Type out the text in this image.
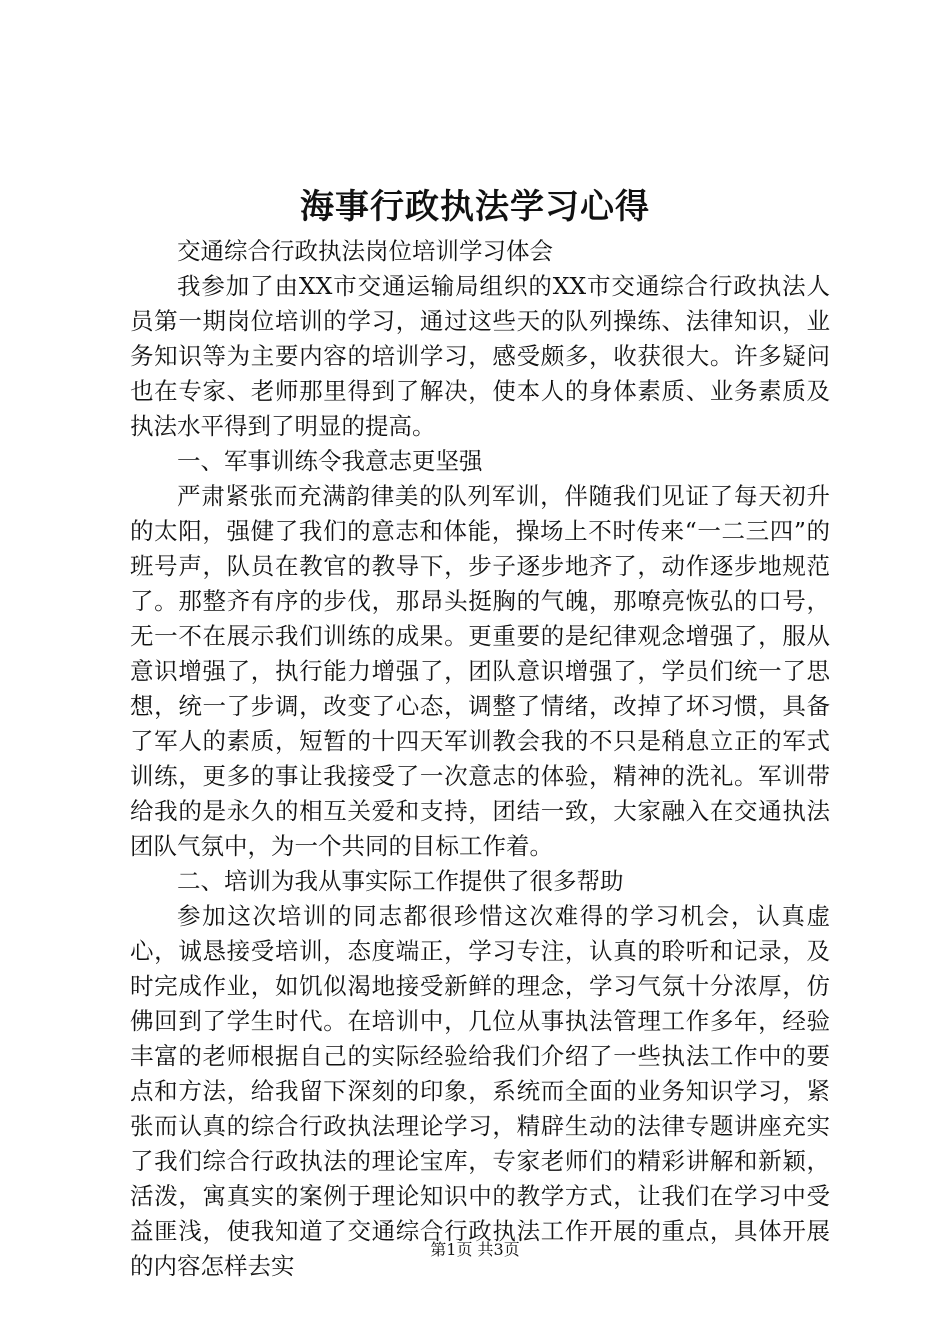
海事行政执法学习心得

交通综合行政执法岗位培训学习体会

我参加了由XX市交通运输局组织的XX市交通综合行政执法人员第一期岗位培训的学习，通过这些天的队列操练、法律知识，业务知识等为主要内容的培训学习，感受颇多，收获很大。许多疑问也在专家、老师那里得到了解决，使本人的身体素质、业务素质及执法水平得到了明显的提高。

一、军事训练令我意志更坚强

严肃紧张而充满韵律美的队列军训，伴随我们见证了每天初升的太阳，强健了我们的意志和体能，操场上不时传来“一二三四”的班号声，队员在教官的教导下，步子逐步地齐了，动作逐步地规范了。那整齐有序的步伐，那昂头挺胸的气魄，那嘹亮恢弘的口号，无一不在展示我们训练的成果。更重要的是纪律观念增强了，服从意识增强了，执行能力增强了，团队意识增强了，学员们统一了思想，统一了步调，改变了心态，调整了情绪，改掉了坏习惯，具备了军人的素质，短暂的十四天军训教会我的不只是稍息立正的军式训练，更多的事让我接受了一次意志的体验，精神的洗礼。军训带给我的是永久的相互关爱和支持，团结一致，大家融入在交通执法团队气氛中，为一个共同的目标工作着。

二、培训为我从事实际工作提供了很多帮助

参加这次培训的同志都很珍惜这次难得的学习机会，认真虚心，诚恳接受培训，态度端正，学习专注，认真的聆听和记录，及时完成作业，如饥似渴地接受新鲜的理念，学习气氛十分浓厚，仿佛回到了学生时代。在培训中，几位从事执法管理工作多年，经验丰富的老师根据自己的实际经验给我们介绍了一些执法工作中的要点和方法，给我留下深刻的印象，系统而全面的业务知识学习，紧张而认真的综合行政执法理论学习，精辟生动的法律专题讲座充实了我们综合行政执法的理论宝库，专家老师们的精彩讲解和新颖，活泼，寓真实的案例于理论知识中的教学方式，让我们在学习中受益匪浅，使我知道了交通综合行政执法工作开展的重点，具体开展的内容怎样去实

第1页 共3页
